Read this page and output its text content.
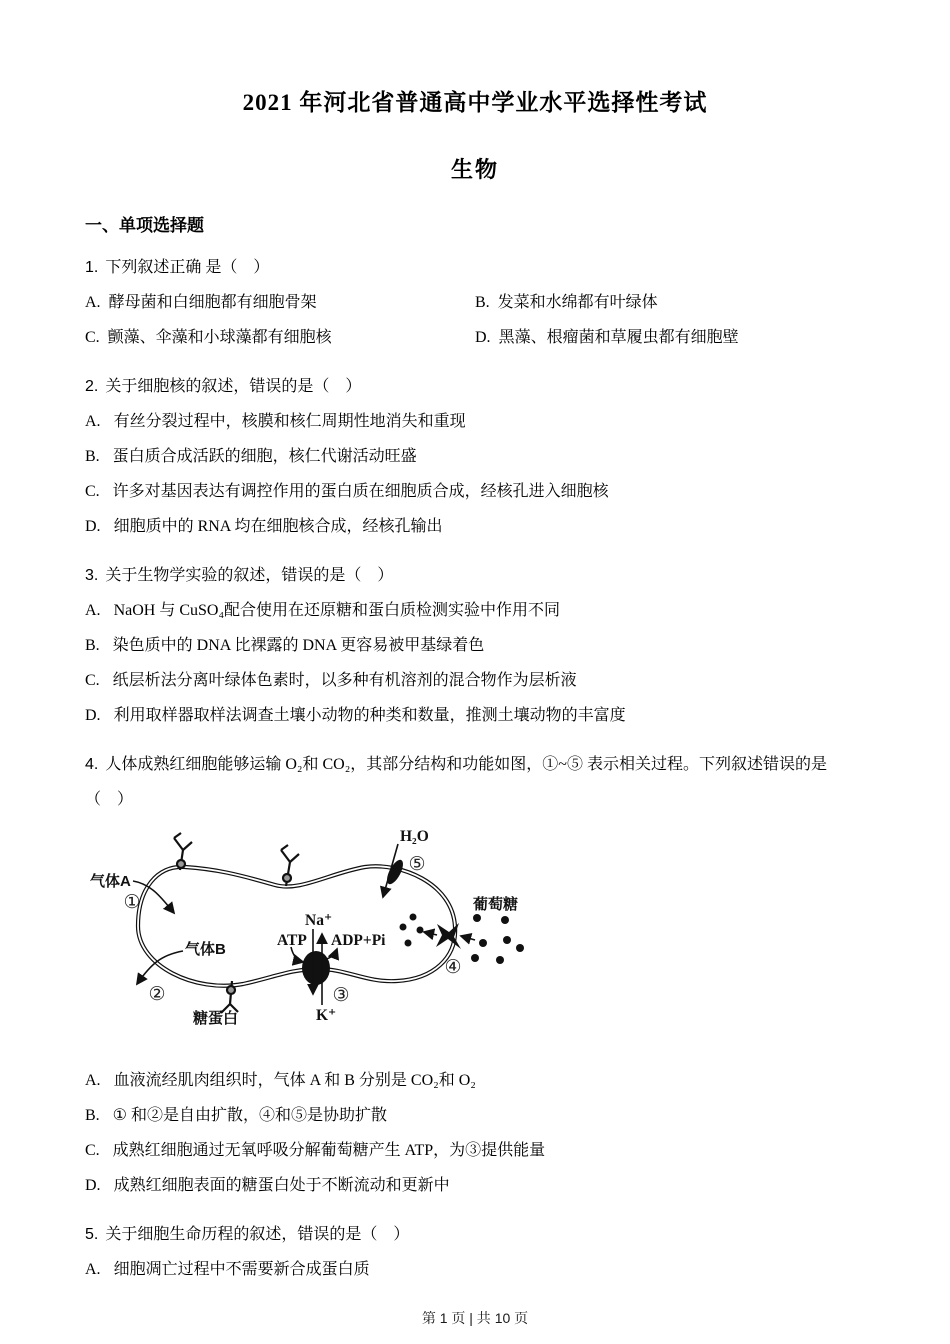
2021 年河北省普通高中学业水平选择性考试
生物
一、单项选择题
1. 下列叙述正确 是（　）
A. 酵母菌和白细胞都有细胞骨架	B. 发菜和水绵都有叶绿体
C. 颤藻、伞藻和小球藻都有细胞核	D. 黑藻、根瘤菌和草履虫都有细胞壁
2. 关于细胞核的叙述，错误的是（　）
A. 有丝分裂过程中，核膜和核仁周期性地消失和重现
B. 蛋白质合成活跃的细胞，核仁代谢活动旺盛
C. 许多对基因表达有调控作用的蛋白质在细胞质合成，经核孔进入细胞核
D. 细胞质中的 RNA 均在细胞核合成，经核孔输出
3. 关于生物学实验的叙述，错误的是（　）
A. NaOH 与 CuSO₄配合使用在还原糖和蛋白质检测实验中作用不同
B. 染色质中的 DNA 比裸露的 DNA 更容易被甲基绿着色
C. 纸层析法分离叶绿体色素时，以多种有机溶剂的混合物作为层析液
D. 利用取样器取样法调查土壤小动物的种类和数量，推测土壤动物的丰富度
4. 人体成熟红细胞能够运输 O₂和 CO₂，其部分结构和功能如图，①~⑤ 表示相关过程。下列叙述错误的是
（　）
气体A
气体B
糖蛋白
葡萄糖
Na⁺
ATP ADP+Pi
K⁺
H₂O
①
②	③
④
⑤
A. 血液流经肌肉组织时，气体 A 和 B 分别是 CO₂和 O₂
B. ① 和②是自由扩散，④和⑤是协助扩散
C. 成熟红细胞通过无氧呼吸分解葡萄糖产生 ATP，为③提供能量
D. 成熟红细胞表面的糖蛋白处于不断流动和更新中
5. 关于细胞生命历程的叙述，错误的是（　）
A. 细胞凋亡过程中不需要新合成蛋白质
第 1 页 | 共 10 页
